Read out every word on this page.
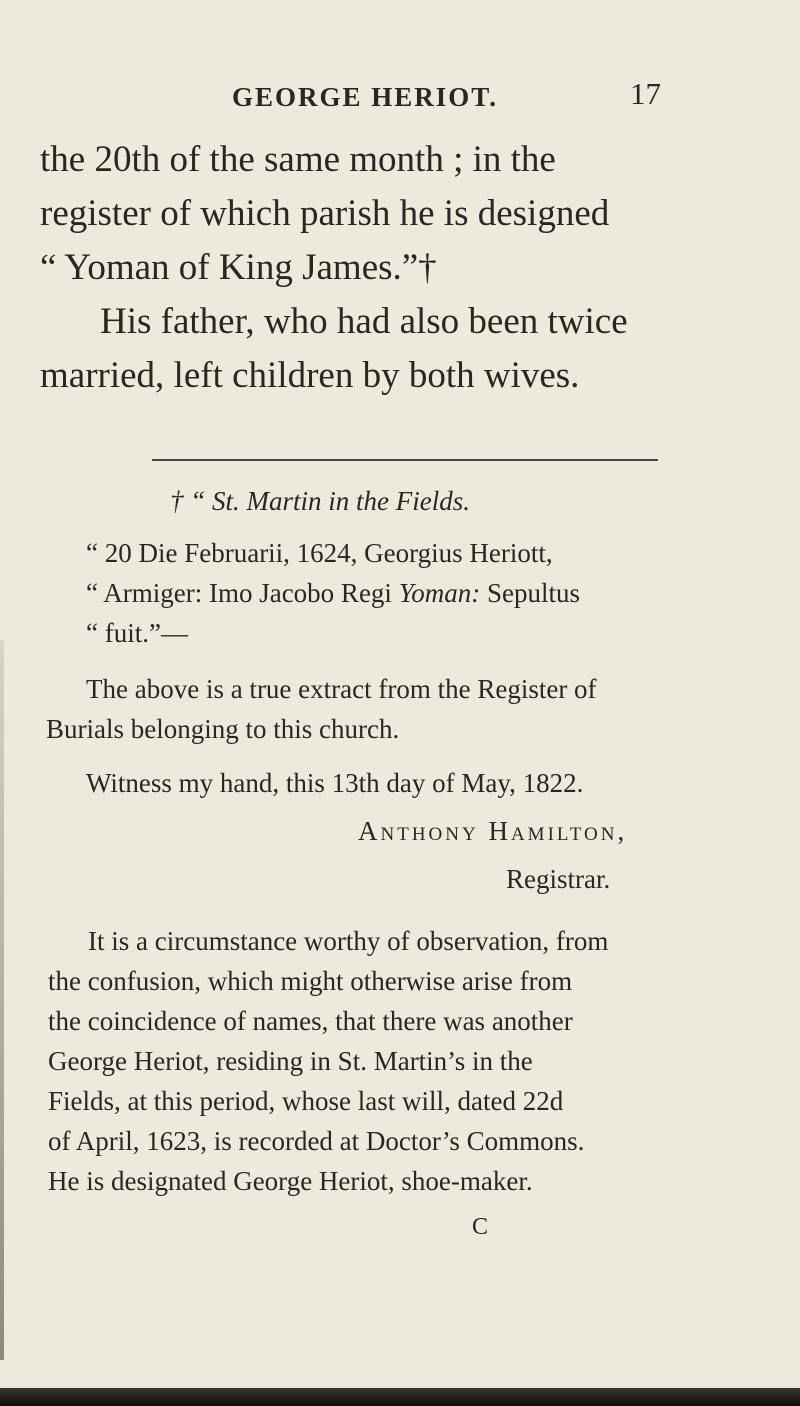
GEORGE HERIOT.	17
the 20th of the same month ; in the
register of which parish he is designed
“ Yoman of King James.”†
His father, who had also been twice
married, left children by both wives.
† “ St. Martin in the Fields.
“ 20 Die Februarii, 1624, Georgius Heriott,
“ Armiger: Imo Jacobo Regi Yoman: Sepultus
“ fuit.”—
The above is a true extract from the Register of
Burials belonging to this church.
Witness my hand, this 13th day of May, 1822.
Anthony Hamilton,
Registrar.
It is a circumstance worthy of observation, from
the confusion, which might otherwise arise from
the coincidence of names, that there was another
George Heriot, residing in St. Martin’s in the
Fields, at this period, whose last will, dated 22d
of April, 1623, is recorded at Doctor’s Commons.
He is designated George Heriot, shoe-maker.
C
